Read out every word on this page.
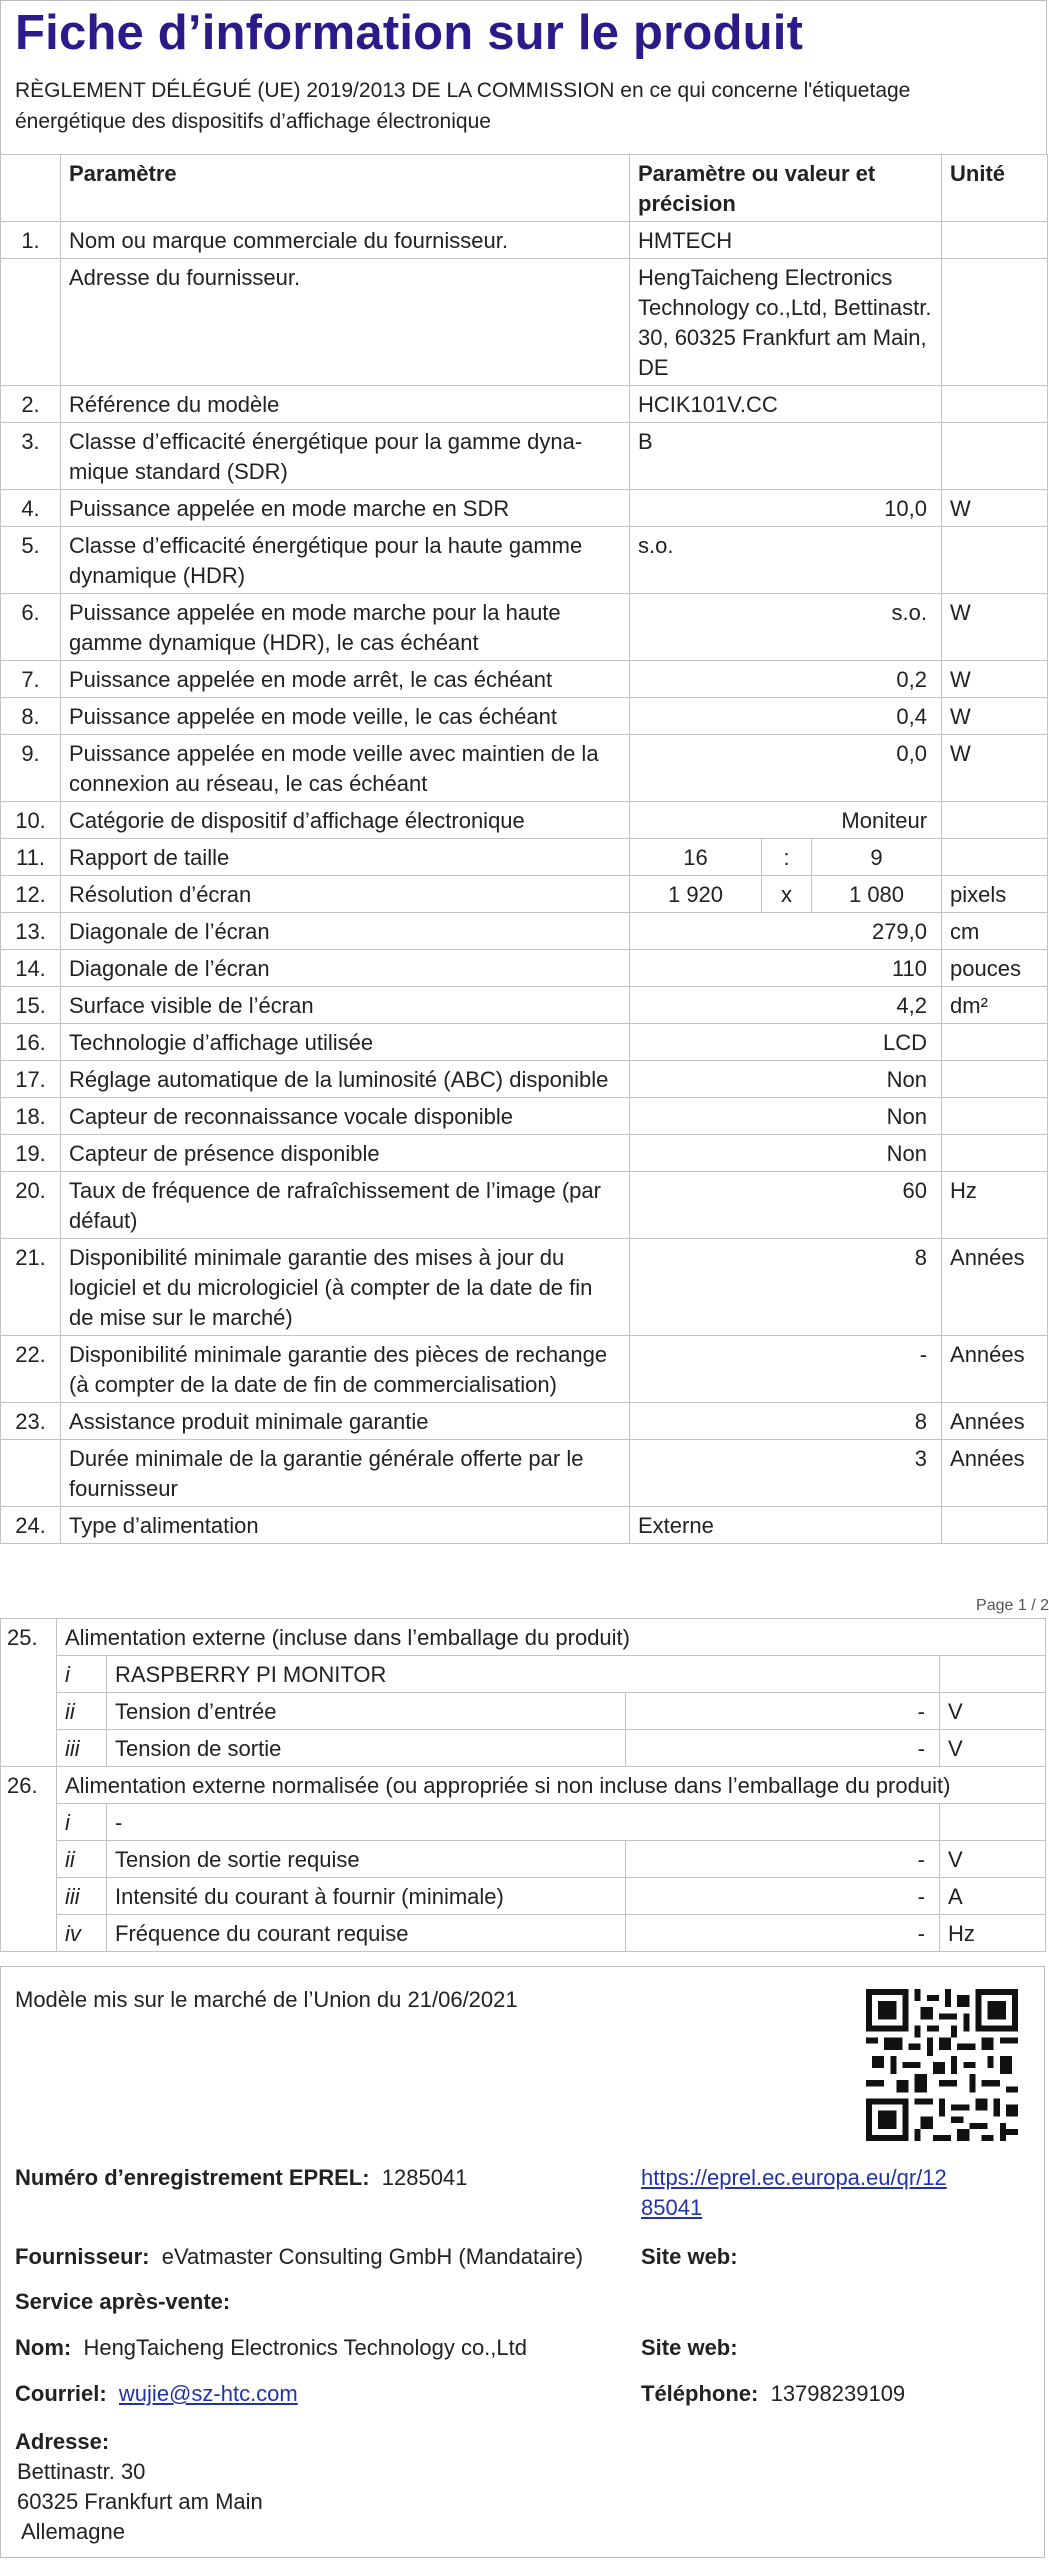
Fiche d’information sur le produit
RÈGLEMENT DÉLÉGUÉ (UE) 2019/2013 DE LA COMMISSION en ce qui concerne l'étiquetage énergétique des dispositifs d’affichage électronique
	Paramètre	Paramètre ou valeur et précision			Unité
1.	Nom ou marque commerciale du fournisseur.	HMTECH			
	Adresse du fournisseur.	HengTaicheng Electronics Technology co.,Ltd, Bettinastr. 30, 60325 Frankfurt am Main, DE			
2.	Référence du modèle	HCIK101V.CC			
3.	Classe d’efficacité énergétique pour la gamme dynamique standard (SDR)	B			
4.	Puissance appelée en mode marche en SDR	10,0			W
5.	Classe d’efficacité énergétique pour la haute gamme dynamique (HDR)	s.o.			
6.	Puissance appelée en mode marche pour la haute gamme dynamique (HDR), le cas échéant	s.o.			W
7.	Puissance appelée en mode arrêt, le cas échéant	0,2			W
8.	Puissance appelée en mode veille, le cas échéant	0,4			W
9.	Puissance appelée en mode veille avec maintien de la connexion au réseau, le cas échéant	0,0			W
10.	Catégorie de dispositif d’affichage électronique	Moniteur			
11.	Rapport de taille	16	:	9	
12.	Résolution d’écran	1 920	x	1 080	pixels
13.	Diagonale de l’écran	279,0			cm
14.	Diagonale de l’écran	110			pouces
15.	Surface visible de l’écran	4,2			dm²
16.	Technologie d’affichage utilisée	LCD			
17.	Réglage automatique de la luminosité (ABC) disponible	Non			
18.	Capteur de reconnaissance vocale disponible	Non			
19.	Capteur de présence disponible	Non			
20.	Taux de fréquence de rafraîchissement de l’image (par défaut)	60			Hz
21.	Disponibilité minimale garantie des mises à jour du logiciel et du micrologiciel (à compter de la date de fin de mise sur le marché)	8			Années
22.	Disponibilité minimale garantie des pièces de rechange (à compter de la date de fin de commercialisation)	-			Années
23.	Assistance produit minimale garantie	8			Années
	Durée minimale de la garantie générale offerte par le fournisseur	3			Années
24.	Type d’alimentation	Externe			
Page 1 / 2
25.	Alimentation externe (incluse dans l’emballage du produit)			
	i	RASPBERRY PI MONITOR		
	ii	Tension d’entrée	-	V
	iii	Tension de sortie	-	V
26.	Alimentation externe normalisée (ou appropriée si non incluse dans l’emballage du produit)			
	i	-		
	ii	Tension de sortie requise	-	V
	iii	Intensité du courant à fournir (minimale)	-	A
	iv	Fréquence du courant requise	-	Hz
Modèle mis sur le marché de l’Union du 21/06/2021
Numéro d’enregistrement EPREL: 1285041	https://eprel.ec.europa.eu/qr/12
85041
Fournisseur: eVatmaster Consulting GmbH (Mandataire)	Site web:
Service après-vente:
Nom: HengTaicheng Electronics Technology co.,Ltd	Site web:
Courriel: wujie@sz-htc.com	Téléphone: 13798239109
Adresse:
Bettinastr. 30
60325 Frankfurt am Main
Allemagne
